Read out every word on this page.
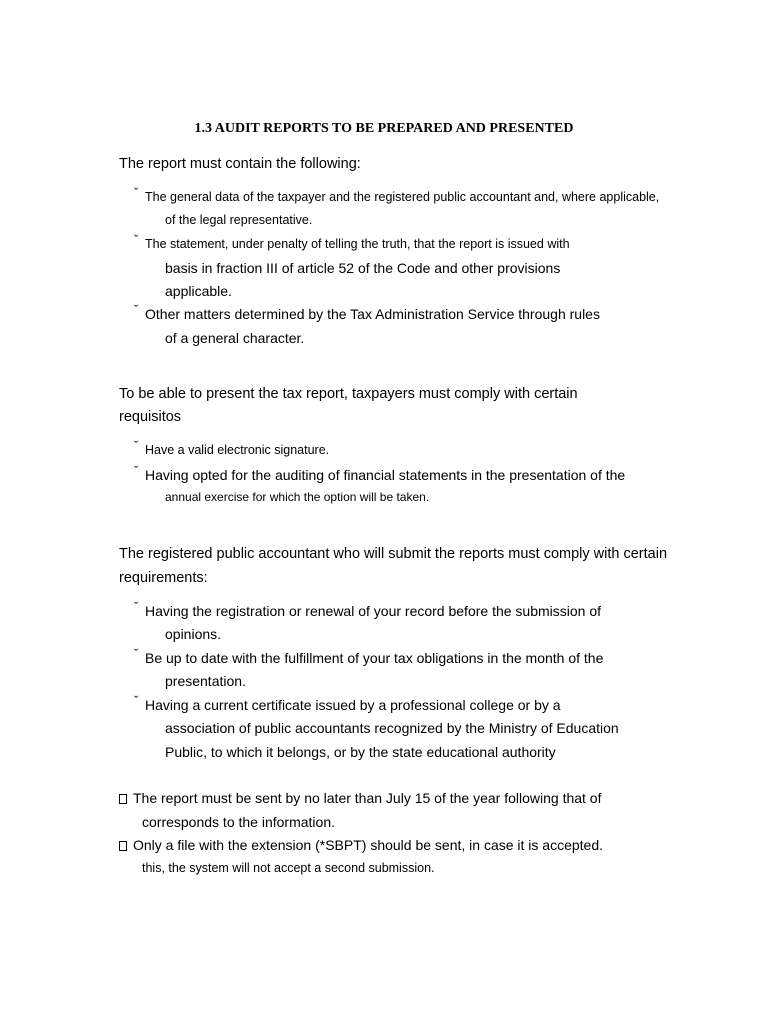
1.3 AUDIT REPORTS TO BE PREPARED AND PRESENTED
The report must contain the following:
ˇ The general data of the taxpayer and the registered public accountant and, where applicable,
of the legal representative.
ˇ The statement, under penalty of telling the truth, that the report is issued with
basis in fraction III of article 52 of the Code and other provisions
applicable.
ˇ Other matters determined by the Tax Administration Service through rules
of a general character.
To be able to present the tax report, taxpayers must comply with certain
requisitos
ˇ Have a valid electronic signature.
ˇ Having opted for the auditing of financial statements in the presentation of the
annual exercise for which the option will be taken.
The registered public accountant who will submit the reports must comply with certain
requirements:
ˇ Having the registration or renewal of your record before the submission of
opinions.
ˇ Be up to date with the fulfillment of your tax obligations in the month of the
presentation.
ˇ Having a current certificate issued by a professional college or by a
association of public accountants recognized by the Ministry of Education
Public, to which it belongs, or by the state educational authority
The report must be sent by no later than July 15 of the year following that of
corresponds to the information.
Only a file with the extension (*SBPT) should be sent, in case it is accepted.
this, the system will not accept a second submission.
